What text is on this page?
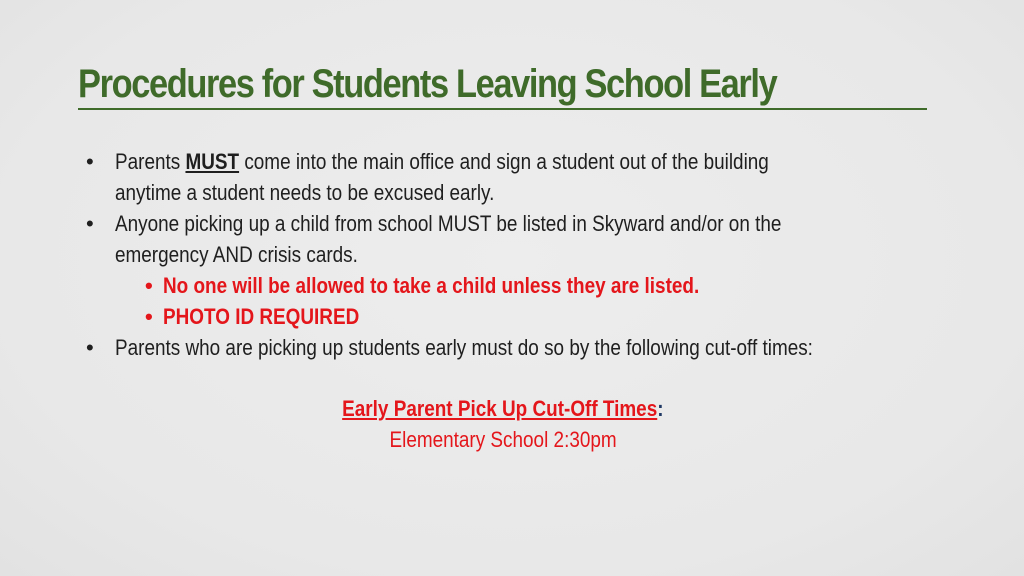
Procedures for Students Leaving School Early
• Parents MUST come into the main office and sign a student out of the building
anytime a student needs to be excused early.
• Anyone picking up a child from school MUST be listed in Skyward and/or on the
emergency AND crisis cards.
• No one will be allowed to take a child unless they are listed.
• PHOTO ID REQUIRED
• Parents who are picking up students early must do so by the following cut-off times:
Early Parent Pick Up Cut-Off Times:
Elementary School 2:30pm
